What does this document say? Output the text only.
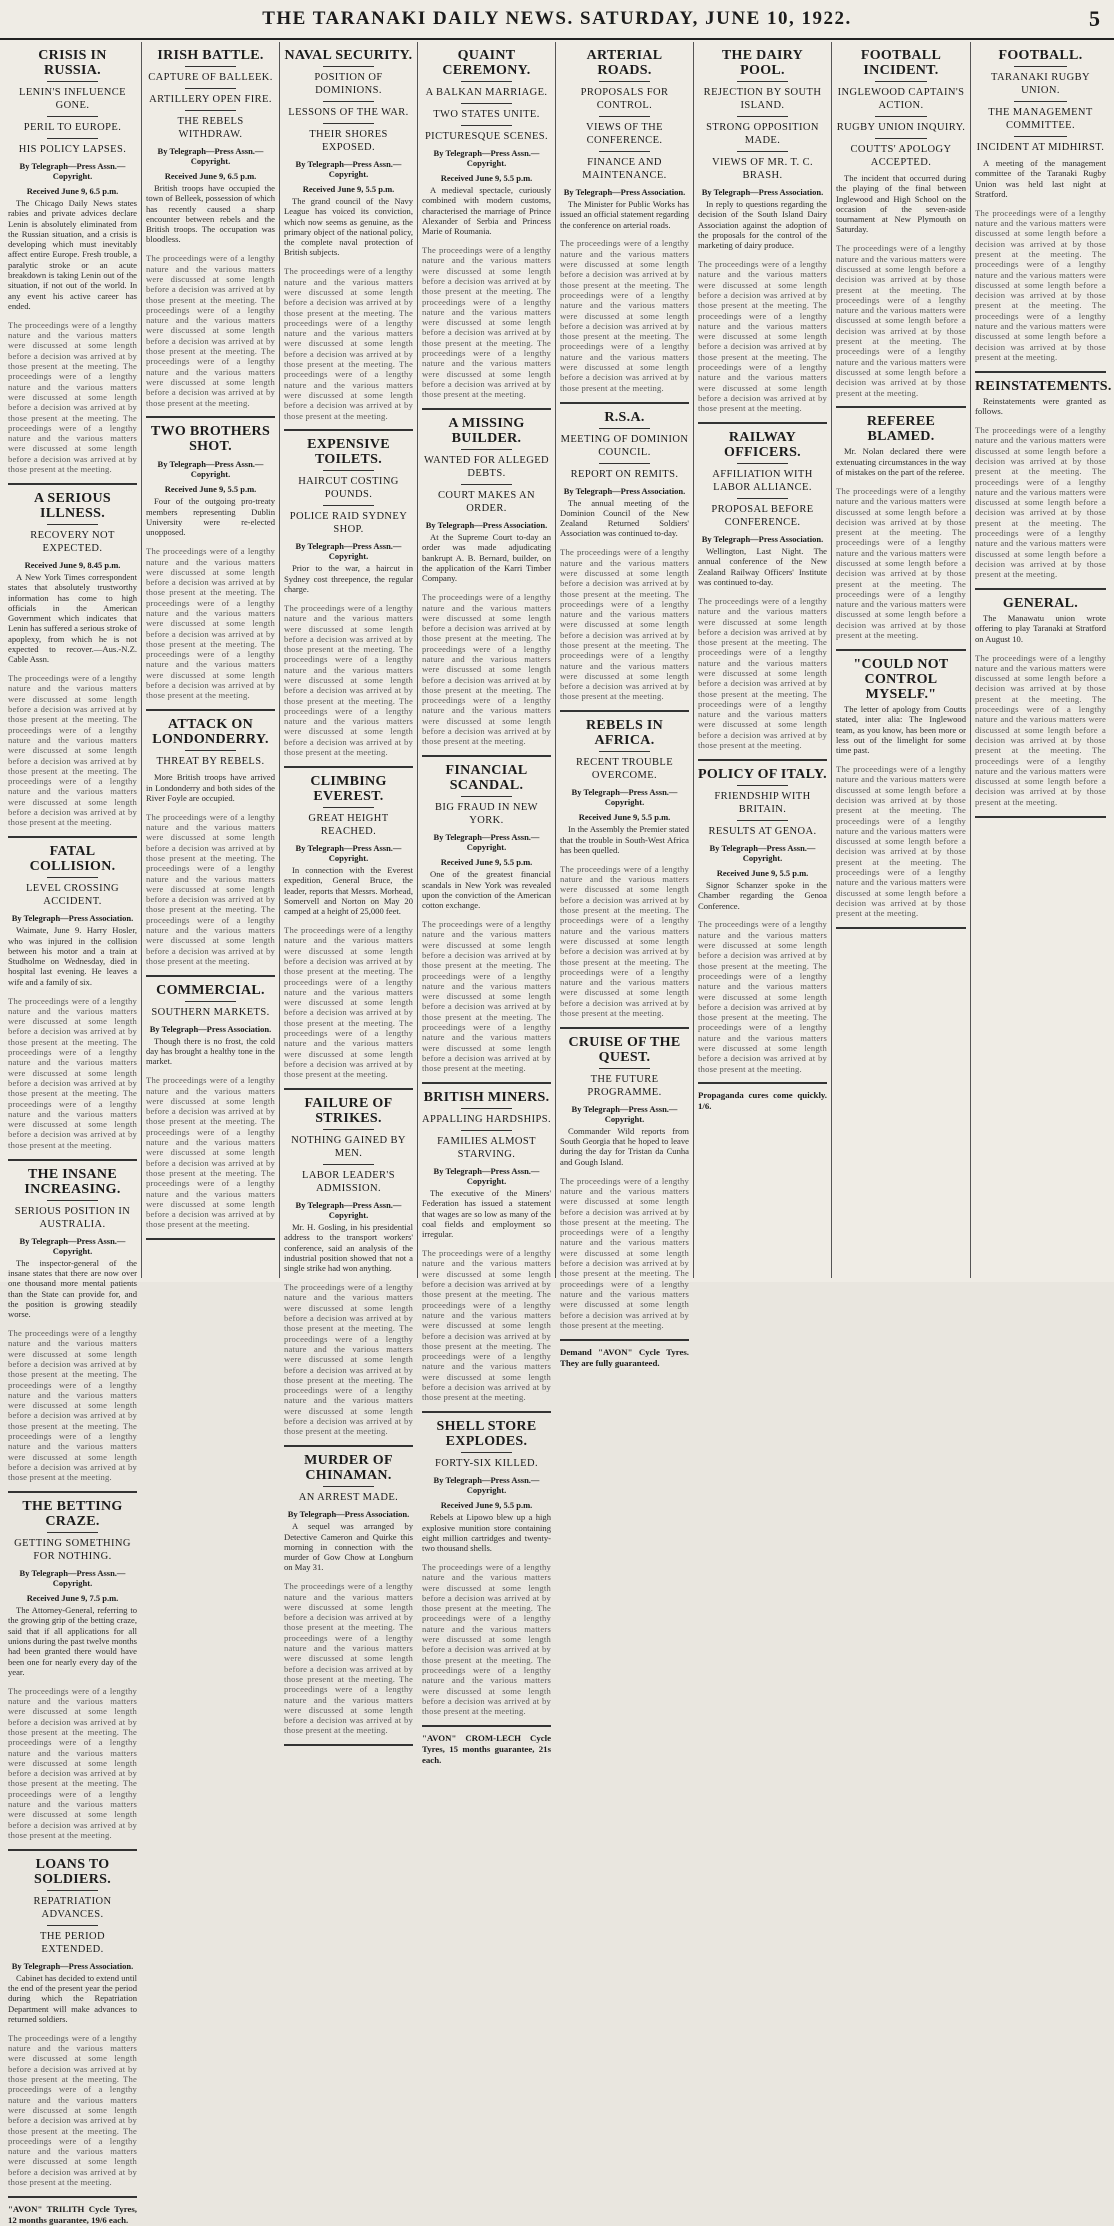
THE TARANAKI DAILY NEWS. SATURDAY, JUNE 10, 1922.	5
CRISIS IN RUSSIA.
LENIN'S INFLUENCE GONE.
PERIL TO EUROPE.
HIS POLICY LAPSES.
By Telegraph—Press Assn.—Copyright.
Received June 9, 6.5 p.m.

The Chicago Daily News states rabies and private advices declare Lenin is absolutely eliminated from the Russian situation, and a crisis is developing which must inevitably affect entire Europe. Fresh trouble, a paralytic stroke or an acute breakdown is taking Lenin out of the situation, if not out of the world. In any event his active career has ended.

The proceedings were of a lengthy nature and the various matters were discussed at some length before a decision was arrived at by those present at the meeting. The proceedings were of a lengthy nature and the various matters were discussed at some length before a decision was arrived at by those present at the meeting. The proceedings were of a lengthy nature and the various matters were discussed at some length before a decision was arrived at by those present at the meeting.

A SERIOUS ILLNESS.
RECOVERY NOT EXPECTED.
Received June 9, 8.45 p.m.

A New York Times correspondent states that absolutely trustworthy information has come to high officials in the American Government which indicates that Lenin has suffered a serious stroke of apoplexy, from which he is not expected to recover.—Aus.-N.Z. Cable Assn.

The proceedings were of a lengthy nature and the various matters were discussed at some length before a decision was arrived at by those present at the meeting. The proceedings were of a lengthy nature and the various matters were discussed at some length before a decision was arrived at by those present at the meeting. The proceedings were of a lengthy nature and the various matters were discussed at some length before a decision was arrived at by those present at the meeting.

FATAL COLLISION.
LEVEL CROSSING ACCIDENT.
By Telegraph—Press Association.

Waimate, June 9. Harry Hosler, who was injured in the collision between his motor and a train at Studholme on Wednesday, died in hospital last evening. He leaves a wife and a family of six.

The proceedings were of a lengthy nature and the various matters were discussed at some length before a decision was arrived at by those present at the meeting. The proceedings were of a lengthy nature and the various matters were discussed at some length before a decision was arrived at by those present at the meeting. The proceedings were of a lengthy nature and the various matters were discussed at some length before a decision was arrived at by those present at the meeting.

THE INSANE INCREASING.
SERIOUS POSITION IN AUSTRALIA.
By Telegraph—Press Assn.—Copyright.

The inspector-general of the insane states that there are now over one thousand more mental patients than the State can provide for, and the position is growing steadily worse.

The proceedings were of a lengthy nature and the various matters were discussed at some length before a decision was arrived at by those present at the meeting. The proceedings were of a lengthy nature and the various matters were discussed at some length before a decision was arrived at by those present at the meeting. The proceedings were of a lengthy nature and the various matters were discussed at some length before a decision was arrived at by those present at the meeting.

THE BETTING CRAZE.
GETTING SOMETHING FOR NOTHING.
By Telegraph—Press Assn.—Copyright.
Received June 9, 7.5 p.m.

The Attorney-General, referring to the growing grip of the betting craze, said that if all applications for all unions during the past twelve months had been granted there would have been one for nearly every day of the year.

The proceedings were of a lengthy nature and the various matters were discussed at some length before a decision was arrived at by those present at the meeting. The proceedings were of a lengthy nature and the various matters were discussed at some length before a decision was arrived at by those present at the meeting. The proceedings were of a lengthy nature and the various matters were discussed at some length before a decision was arrived at by those present at the meeting.

LOANS TO SOLDIERS.
REPATRIATION ADVANCES.
THE PERIOD EXTENDED.
By Telegraph—Press Association.

Cabinet has decided to extend until the end of the present year the period during which the Repatriation Department will make advances to returned soldiers.

The proceedings were of a lengthy nature and the various matters were discussed at some length before a decision was arrived at by those present at the meeting. The proceedings were of a lengthy nature and the various matters were discussed at some length before a decision was arrived at by those present at the meeting. The proceedings were of a lengthy nature and the various matters were discussed at some length before a decision was arrived at by those present at the meeting.

"AVON" TRILITH Cycle Tyres, 12 months guarantee, 19/6 each.
IRISH BATTLE.
CAPTURE OF BALLEEK.
ARTILLERY OPEN FIRE.
THE REBELS WITHDRAW.
By Telegraph—Press Assn.—Copyright.
Received June 9, 6.5 p.m.

British troops have occupied the town of Belleek, possession of which has recently caused a sharp encounter between rebels and the British troops. The occupation was bloodless.

The proceedings were of a lengthy nature and the various matters were discussed at some length before a decision was arrived at by those present at the meeting. The proceedings were of a lengthy nature and the various matters were discussed at some length before a decision was arrived at by those present at the meeting. The proceedings were of a lengthy nature and the various matters were discussed at some length before a decision was arrived at by those present at the meeting.

TWO BROTHERS SHOT.
By Telegraph—Press Assn.—Copyright.
Received June 9, 5.5 p.m.

Four of the outgoing pro-treaty members representing Dublin University were re-elected unopposed.

The proceedings were of a lengthy nature and the various matters were discussed at some length before a decision was arrived at by those present at the meeting. The proceedings were of a lengthy nature and the various matters were discussed at some length before a decision was arrived at by those present at the meeting. The proceedings were of a lengthy nature and the various matters were discussed at some length before a decision was arrived at by those present at the meeting.

ATTACK ON LONDONDERRY.
THREAT BY REBELS.

More British troops have arrived in Londonderry and both sides of the River Foyle are occupied.

The proceedings were of a lengthy nature and the various matters were discussed at some length before a decision was arrived at by those present at the meeting. The proceedings were of a lengthy nature and the various matters were discussed at some length before a decision was arrived at by those present at the meeting. The proceedings were of a lengthy nature and the various matters were discussed at some length before a decision was arrived at by those present at the meeting.

COMMERCIAL.
SOUTHERN MARKETS.
By Telegraph—Press Association.

Though there is no frost, the cold day has brought a healthy tone in the market.

The proceedings were of a lengthy nature and the various matters were discussed at some length before a decision was arrived at by those present at the meeting. The proceedings were of a lengthy nature and the various matters were discussed at some length before a decision was arrived at by those present at the meeting. The proceedings were of a lengthy nature and the various matters were discussed at some length before a decision was arrived at by those present at the meeting.

NAVAL SECURITY.
POSITION OF DOMINIONS.
LESSONS OF THE WAR.
THEIR SHORES EXPOSED.
By Telegraph—Press Assn.—Copyright.
Received June 9, 5.5 p.m.

The grand council of the Navy League has voiced its conviction, which now seems as genuine, as the primary object of the national policy, the complete naval protection of British subjects.

The proceedings were of a lengthy nature and the various matters were discussed at some length before a decision was arrived at by those present at the meeting. The proceedings were of a lengthy nature and the various matters were discussed at some length before a decision was arrived at by those present at the meeting. The proceedings were of a lengthy nature and the various matters were discussed at some length before a decision was arrived at by those present at the meeting.

EXPENSIVE TOILETS.
HAIRCUT COSTING POUNDS.
POLICE RAID SYDNEY SHOP.
By Telegraph—Press Assn.—Copyright.

Prior to the war, a haircut in Sydney cost threepence, the regular charge.

The proceedings were of a lengthy nature and the various matters were discussed at some length before a decision was arrived at by those present at the meeting. The proceedings were of a lengthy nature and the various matters were discussed at some length before a decision was arrived at by those present at the meeting. The proceedings were of a lengthy nature and the various matters were discussed at some length before a decision was arrived at by those present at the meeting.

CLIMBING EVEREST.
GREAT HEIGHT REACHED.
By Telegraph—Press Assn.—Copyright.

In connection with the Everest expedition, General Bruce, the leader, reports that Messrs. Morhead, Somervell and Norton on May 20 camped at a height of 25,000 feet.

The proceedings were of a lengthy nature and the various matters were discussed at some length before a decision was arrived at by those present at the meeting. The proceedings were of a lengthy nature and the various matters were discussed at some length before a decision was arrived at by those present at the meeting. The proceedings were of a lengthy nature and the various matters were discussed at some length before a decision was arrived at by those present at the meeting.

FAILURE OF STRIKES.
NOTHING GAINED BY MEN.
LABOR LEADER'S ADMISSION.
By Telegraph—Press Assn.—Copyright.

Mr. H. Gosling, in his presidential address to the transport workers' conference, said an analysis of the industrial position showed that not a single strike had won anything.

The proceedings were of a lengthy nature and the various matters were discussed at some length before a decision was arrived at by those present at the meeting. The proceedings were of a lengthy nature and the various matters were discussed at some length before a decision was arrived at by those present at the meeting. The proceedings were of a lengthy nature and the various matters were discussed at some length before a decision was arrived at by those present at the meeting.

MURDER OF CHINAMAN.
AN ARREST MADE.
By Telegraph—Press Association.

A sequel was arranged by Detective Cameron and Quirke this morning in connection with the murder of Gow Chow at Longburn on May 31.

The proceedings were of a lengthy nature and the various matters were discussed at some length before a decision was arrived at by those present at the meeting. The proceedings were of a lengthy nature and the various matters were discussed at some length before a decision was arrived at by those present at the meeting. The proceedings were of a lengthy nature and the various matters were discussed at some length before a decision was arrived at by those present at the meeting.

QUAINT CEREMONY.
A BALKAN MARRIAGE.
TWO STATES UNITE.
PICTURESQUE SCENES.
By Telegraph—Press Assn.—Copyright.
Received June 9, 5.5 p.m.

A medieval spectacle, curiously combined with modern customs, characterised the marriage of Prince Alexander of Serbia and Princess Marie of Roumania.

The proceedings were of a lengthy nature and the various matters were discussed at some length before a decision was arrived at by those present at the meeting. The proceedings were of a lengthy nature and the various matters were discussed at some length before a decision was arrived at by those present at the meeting. The proceedings were of a lengthy nature and the various matters were discussed at some length before a decision was arrived at by those present at the meeting.

A MISSING BUILDER.
WANTED FOR ALLEGED DEBTS.
COURT MAKES AN ORDER.
By Telegraph—Press Association.

At the Supreme Court to-day an order was made adjudicating bankrupt A. B. Bernard, builder, on the application of the Karri Timber Company.

The proceedings were of a lengthy nature and the various matters were discussed at some length before a decision was arrived at by those present at the meeting. The proceedings were of a lengthy nature and the various matters were discussed at some length before a decision was arrived at by those present at the meeting. The proceedings were of a lengthy nature and the various matters were discussed at some length before a decision was arrived at by those present at the meeting.

FINANCIAL SCANDAL.
BIG FRAUD IN NEW YORK.
By Telegraph—Press Assn.—Copyright.
Received June 9, 5.5 p.m.

One of the greatest financial scandals in New York was revealed upon the conviction of the American cotton exchange.

The proceedings were of a lengthy nature and the various matters were discussed at some length before a decision was arrived at by those present at the meeting. The proceedings were of a lengthy nature and the various matters were discussed at some length before a decision was arrived at by those present at the meeting. The proceedings were of a lengthy nature and the various matters were discussed at some length before a decision was arrived at by those present at the meeting.

BRITISH MINERS.
APPALLING HARDSHIPS.
FAMILIES ALMOST STARVING.
By Telegraph—Press Assn.—Copyright.

The executive of the Miners' Federation has issued a statement that wages are so low as many of the coal fields and employment so irregular.

The proceedings were of a lengthy nature and the various matters were discussed at some length before a decision was arrived at by those present at the meeting. The proceedings were of a lengthy nature and the various matters were discussed at some length before a decision was arrived at by those present at the meeting. The proceedings were of a lengthy nature and the various matters were discussed at some length before a decision was arrived at by those present at the meeting.

SHELL STORE EXPLODES.
FORTY-SIX KILLED.
By Telegraph—Press Assn.—Copyright.
Received June 9, 5.5 p.m.

Rebels at Lipowo blew up a high explosive munition store containing eight million cartridges and twenty-two thousand shells.

The proceedings were of a lengthy nature and the various matters were discussed at some length before a decision was arrived at by those present at the meeting. The proceedings were of a lengthy nature and the various matters were discussed at some length before a decision was arrived at by those present at the meeting. The proceedings were of a lengthy nature and the various matters were discussed at some length before a decision was arrived at by those present at the meeting.

"AVON" CROM-LECH Cycle Tyres, 15 months guarantee, 21s each.
ARTERIAL ROADS.
PROPOSALS FOR CONTROL.
VIEWS OF THE CONFERENCE.
FINANCE AND MAINTENANCE.
By Telegraph—Press Association.

The Minister for Public Works has issued an official statement regarding the conference on arterial roads.

The proceedings were of a lengthy nature and the various matters were discussed at some length before a decision was arrived at by those present at the meeting. The proceedings were of a lengthy nature and the various matters were discussed at some length before a decision was arrived at by those present at the meeting. The proceedings were of a lengthy nature and the various matters were discussed at some length before a decision was arrived at by those present at the meeting.

R.S.A.
MEETING OF DOMINION COUNCIL.
REPORT ON REMITS.
By Telegraph—Press Association.

The annual meeting of the Dominion Council of the New Zealand Returned Soldiers' Association was continued to-day.

The proceedings were of a lengthy nature and the various matters were discussed at some length before a decision was arrived at by those present at the meeting. The proceedings were of a lengthy nature and the various matters were discussed at some length before a decision was arrived at by those present at the meeting. The proceedings were of a lengthy nature and the various matters were discussed at some length before a decision was arrived at by those present at the meeting.

REBELS IN AFRICA.
RECENT TROUBLE OVERCOME.
By Telegraph—Press Assn.—Copyright.
Received June 9, 5.5 p.m.

In the Assembly the Premier stated that the trouble in South-West Africa has been quelled.

The proceedings were of a lengthy nature and the various matters were discussed at some length before a decision was arrived at by those present at the meeting. The proceedings were of a lengthy nature and the various matters were discussed at some length before a decision was arrived at by those present at the meeting. The proceedings were of a lengthy nature and the various matters were discussed at some length before a decision was arrived at by those present at the meeting.

CRUISE OF THE QUEST.
THE FUTURE PROGRAMME.
By Telegraph—Press Assn.—Copyright.

Commander Wild reports from South Georgia that he hoped to leave during the day for Tristan da Cunha and Gough Island.

The proceedings were of a lengthy nature and the various matters were discussed at some length before a decision was arrived at by those present at the meeting. The proceedings were of a lengthy nature and the various matters were discussed at some length before a decision was arrived at by those present at the meeting. The proceedings were of a lengthy nature and the various matters were discussed at some length before a decision was arrived at by those present at the meeting.

Demand "AVON" Cycle Tyres. They are fully guaranteed.
THE DAIRY POOL.
REJECTION BY SOUTH ISLAND.
STRONG OPPOSITION MADE.
VIEWS OF MR. T. C. BRASH.
By Telegraph—Press Association.

In reply to questions regarding the decision of the South Island Dairy Association against the adoption of the proposals for the control of the marketing of dairy produce.

The proceedings were of a lengthy nature and the various matters were discussed at some length before a decision was arrived at by those present at the meeting. The proceedings were of a lengthy nature and the various matters were discussed at some length before a decision was arrived at by those present at the meeting. The proceedings were of a lengthy nature and the various matters were discussed at some length before a decision was arrived at by those present at the meeting.

RAILWAY OFFICERS.
AFFILIATION WITH LABOR ALLIANCE.
PROPOSAL BEFORE CONFERENCE.
By Telegraph—Press Association.

Wellington, Last Night. The annual conference of the New Zealand Railway Officers' Institute was continued to-day.

The proceedings were of a lengthy nature and the various matters were discussed at some length before a decision was arrived at by those present at the meeting. The proceedings were of a lengthy nature and the various matters were discussed at some length before a decision was arrived at by those present at the meeting. The proceedings were of a lengthy nature and the various matters were discussed at some length before a decision was arrived at by those present at the meeting.

POLICY OF ITALY.
FRIENDSHIP WITH BRITAIN.
RESULTS AT GENOA.
By Telegraph—Press Assn.—Copyright.
Received June 9, 5.5 p.m.

Signor Schanzer spoke in the Chamber regarding the Genoa Conference.

The proceedings were of a lengthy nature and the various matters were discussed at some length before a decision was arrived at by those present at the meeting. The proceedings were of a lengthy nature and the various matters were discussed at some length before a decision was arrived at by those present at the meeting. The proceedings were of a lengthy nature and the various matters were discussed at some length before a decision was arrived at by those present at the meeting.

Propaganda cures come quickly. 1/6.
FOOTBALL INCIDENT.
INGLEWOOD CAPTAIN'S ACTION.
RUGBY UNION INQUIRY.
COUTTS' APOLOGY ACCEPTED.

The incident that occurred during the playing of the final between Inglewood and High School on the occasion of the seven-aside tournament at New Plymouth on Saturday.

The proceedings were of a lengthy nature and the various matters were discussed at some length before a decision was arrived at by those present at the meeting. The proceedings were of a lengthy nature and the various matters were discussed at some length before a decision was arrived at by those present at the meeting. The proceedings were of a lengthy nature and the various matters were discussed at some length before a decision was arrived at by those present at the meeting.

REFEREE BLAMED.

Mr. Nolan declared there were extenuating circumstances in the way of mistakes on the part of the referee.

The proceedings were of a lengthy nature and the various matters were discussed at some length before a decision was arrived at by those present at the meeting. The proceedings were of a lengthy nature and the various matters were discussed at some length before a decision was arrived at by those present at the meeting. The proceedings were of a lengthy nature and the various matters were discussed at some length before a decision was arrived at by those present at the meeting.

"COULD NOT CONTROL MYSELF."

The letter of apology from Coutts stated, inter alia: The Inglewood team, as you know, has been more or less out of the limelight for some time past.

The proceedings were of a lengthy nature and the various matters were discussed at some length before a decision was arrived at by those present at the meeting. The proceedings were of a lengthy nature and the various matters were discussed at some length before a decision was arrived at by those present at the meeting. The proceedings were of a lengthy nature and the various matters were discussed at some length before a decision was arrived at by those present at the meeting.

FOOTBALL.
TARANAKI RUGBY UNION.
THE MANAGEMENT COMMITTEE.
INCIDENT AT MIDHIRST.

A meeting of the management committee of the Taranaki Rugby Union was held last night at Stratford.

The proceedings were of a lengthy nature and the various matters were discussed at some length before a decision was arrived at by those present at the meeting. The proceedings were of a lengthy nature and the various matters were discussed at some length before a decision was arrived at by those present at the meeting. The proceedings were of a lengthy nature and the various matters were discussed at some length before a decision was arrived at by those present at the meeting.

REINSTATEMENTS.

Reinstatements were granted as follows.

The proceedings were of a lengthy nature and the various matters were discussed at some length before a decision was arrived at by those present at the meeting. The proceedings were of a lengthy nature and the various matters were discussed at some length before a decision was arrived at by those present at the meeting. The proceedings were of a lengthy nature and the various matters were discussed at some length before a decision was arrived at by those present at the meeting.

GENERAL.

The Manawatu union wrote offering to play Taranaki at Stratford on August 10.

The proceedings were of a lengthy nature and the various matters were discussed at some length before a decision was arrived at by those present at the meeting. The proceedings were of a lengthy nature and the various matters were discussed at some length before a decision was arrived at by those present at the meeting. The proceedings were of a lengthy nature and the various matters were discussed at some length before a decision was arrived at by those present at the meeting.
